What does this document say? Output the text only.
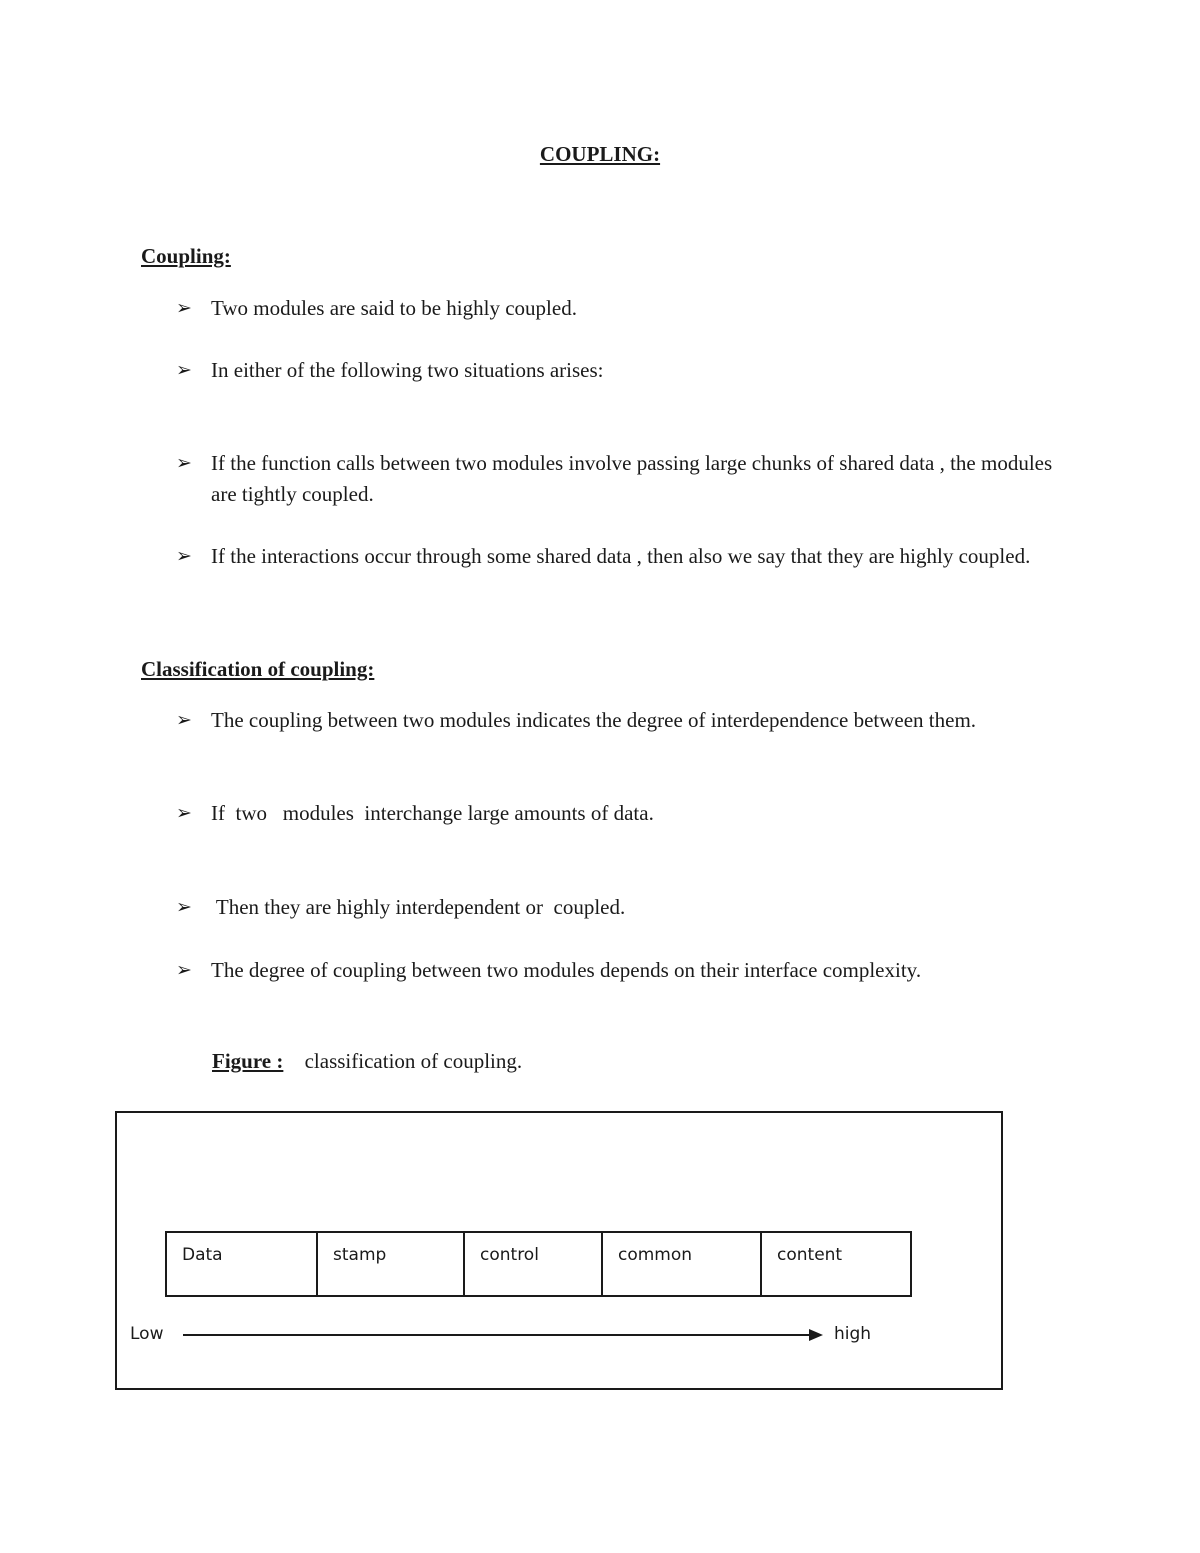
COUPLING:
Coupling:
➢ Two modules are said to be highly coupled.
➢ In either of the following two situations arises:
➢ If the function calls between two modules involve passing large chunks of shared data , the modules are tightly coupled.
➢ If the interactions occur through some shared data , then also we say that they are highly coupled.
Classification of coupling:
➢ The coupling between two modules indicates the degree of interdependence between them.
➢ If  two   modules  interchange large amounts of data.
➢ Then they are highly interdependent or  coupled.
➢ The degree of coupling between two modules depends on their interface complexity.
Figure : classification of coupling.
Data	stamp	control	common	content
Low	high
